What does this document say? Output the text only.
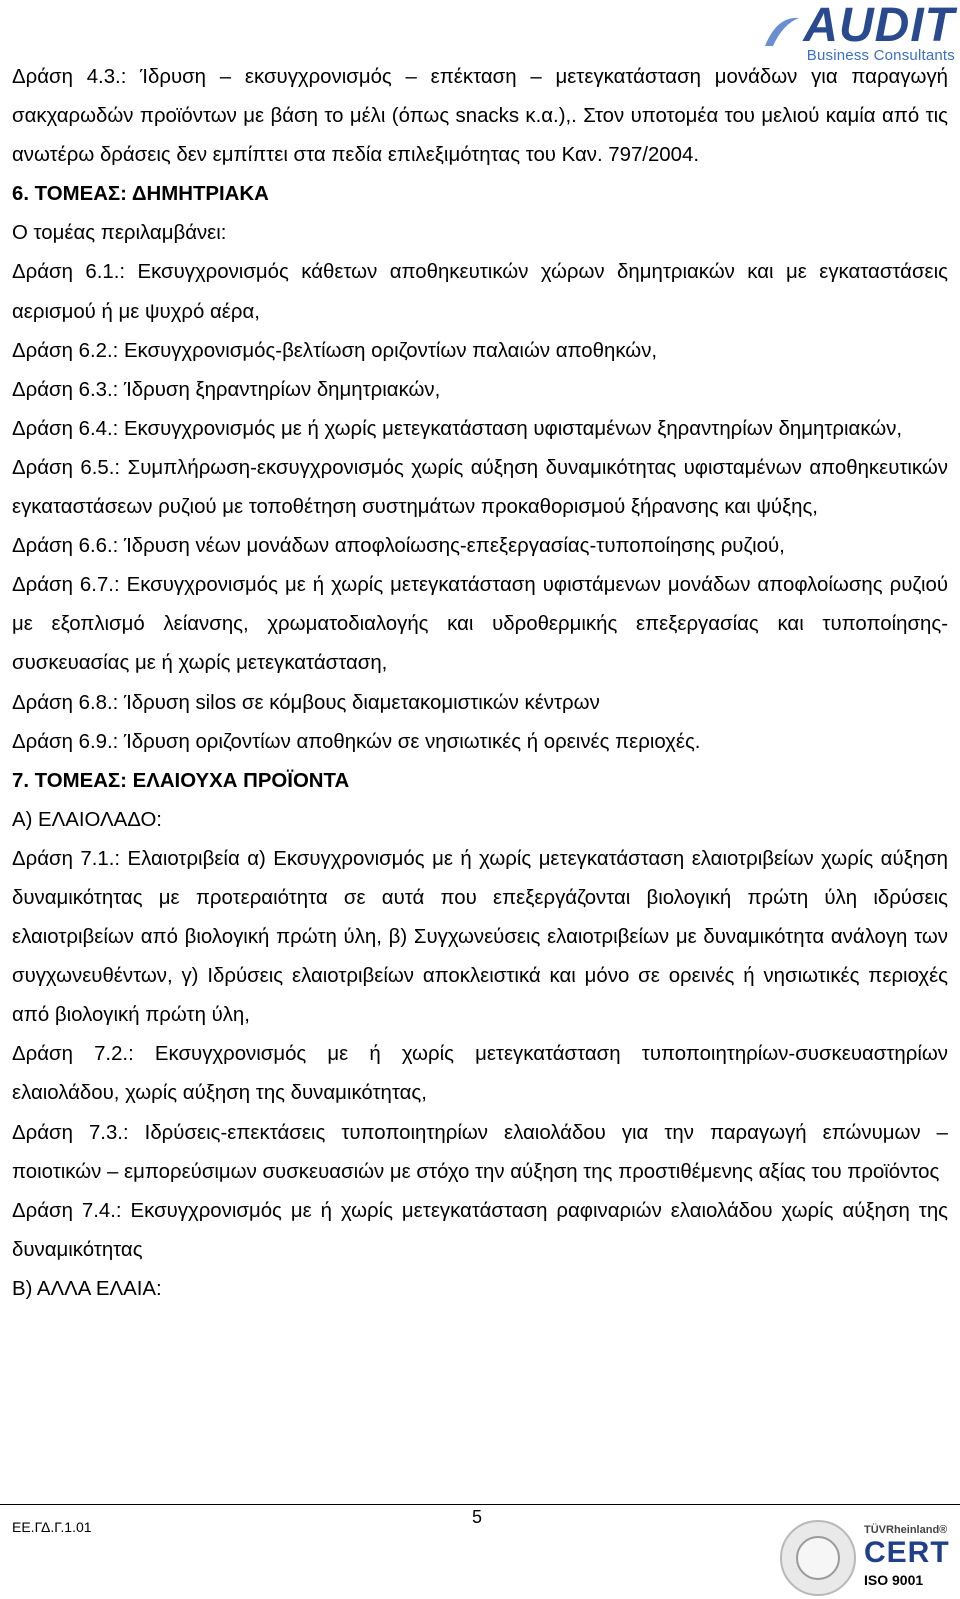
AUDIT
Business Consultants

Δράση 4.3.: Ίδρυση – εκσυγχρονισμός – επέκταση – μετεγκατάσταση μονάδων για παραγωγή σακχαρωδών προϊόντων με βάση το μέλι (όπως snacks κ.α.),. Στον υποτομέα του μελιού καμία από τις ανωτέρω δράσεις δεν εμπίπτει στα πεδία επιλεξιμότητας του Καν. 797/2004.

6. ΤΟΜΕΑΣ: ΔΗΜΗΤΡΙΑΚΑ

Ο τομέας περιλαμβάνει:

Δράση 6.1.: Εκσυγχρονισμός κάθετων αποθηκευτικών χώρων δημητριακών και με εγκαταστάσεις αερισμού ή με ψυχρό αέρα,

Δράση 6.2.: Εκσυγχρονισμός-βελτίωση οριζοντίων παλαιών αποθηκών,

Δράση 6.3.: Ίδρυση ξηραντηρίων δημητριακών,

Δράση 6.4.: Εκσυγχρονισμός με ή χωρίς μετεγκατάσταση υφισταμένων ξηραντηρίων δημητριακών,

Δράση 6.5.: Συμπλήρωση-εκσυγχρονισμός χωρίς αύξηση δυναμικότητας υφισταμένων αποθηκευτικών εγκαταστάσεων ρυζιού με τοποθέτηση συστημάτων προκαθορισμού ξήρανσης και ψύξης,

Δράση 6.6.: Ίδρυση νέων μονάδων αποφλοίωσης-επεξεργασίας-τυποποίησης ρυζιού,

Δράση 6.7.: Εκσυγχρονισμός με ή χωρίς μετεγκατάσταση υφιστάμενων μονάδων αποφλοίωσης ρυζιού με εξοπλισμό λείανσης, χρωματοδιαλογής και υδροθερμικής επεξεργασίας και τυποποίησης-συσκευασίας με ή χωρίς μετεγκατάσταση,

Δράση 6.8.: Ίδρυση silos σε κόμβους διαμετακομιστικών κέντρων

Δράση 6.9.: Ίδρυση οριζοντίων αποθηκών σε νησιωτικές ή ορεινές περιοχές.

7. ΤΟΜΕΑΣ: ΕΛΑΙΟΥΧΑ ΠΡΟΪΟΝΤΑ

Α) ΕΛΑΙΟΛΑΔΟ:

Δράση 7.1.: Ελαιοτριβεία α) Εκσυγχρονισμός με ή χωρίς μετεγκατάσταση ελαιοτριβείων χωρίς αύξηση δυναμικότητας με προτεραιότητα σε αυτά που επεξεργάζονται βιολογική πρώτη ύλη ιδρύσεις ελαιοτριβείων από βιολογική πρώτη ύλη, β) Συγχωνεύσεις ελαιοτριβείων με δυναμικότητα ανάλογη των συγχωνευθέντων, γ) Ιδρύσεις ελαιοτριβείων αποκλειστικά και μόνο σε ορεινές ή νησιωτικές περιοχές από βιολογική πρώτη ύλη,

Δράση 7.2.: Εκσυγχρονισμός με ή χωρίς μετεγκατάσταση τυποποιητηρίων-συσκευαστηρίων ελαιολάδου, χωρίς αύξηση της δυναμικότητας,

Δράση 7.3.: Ιδρύσεις-επεκτάσεις τυποποιητηρίων ελαιολάδου για την παραγωγή επώνυμων – ποιοτικών – εμπορεύσιμων συσκευασιών με στόχο την αύξηση της προστιθέμενης αξίας του προϊόντος

Δράση 7.4.: Εκσυγχρονισμός με ή χωρίς μετεγκατάσταση ραφιναριών ελαιολάδου χωρίς αύξηση της δυναμικότητας

Β) ΑΛΛΑ ΕΛΑΙΑ:

ΕΕ.ΓΔ.Γ.1.01	5
TÜVRheinland®
CERT
ISO 9001
